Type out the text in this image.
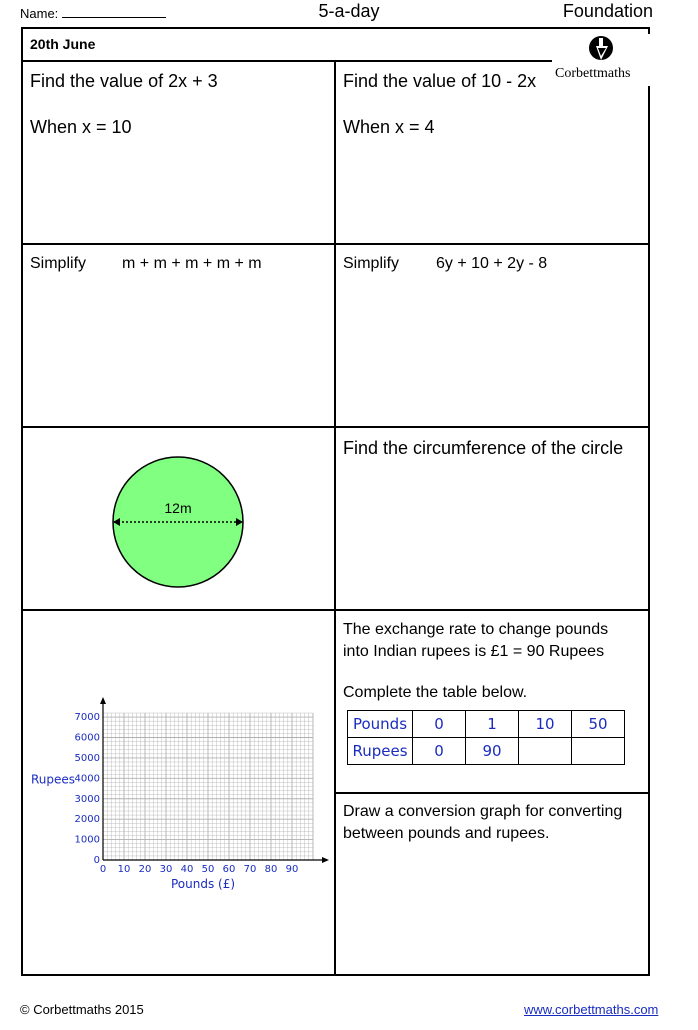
Name:	5-a-day	Foundation
20th June
Corbettmaths
Find the value of 2x + 3
When x = 10
Find the value of 10 - 2x
When x = 4
Simplify m + m + m + m + m	Simplify 6y + 10 + 2y - 8
12m
Find the circumference of the circle
The exchange rate to change pounds
into Indian rupees is £1 = 90 Rupees
Complete the table below.
Pounds	0	1	10	50
Rupees	0	90		
Draw a conversion graph for converting
between pounds and rupees.
0 10 20 30 40 50 60 70 80 90
0
1000
2000
3000
4000
5000
6000
7000
Pounds (£)
Rupees
© Corbettmaths 2015	www.corbettmaths.com
